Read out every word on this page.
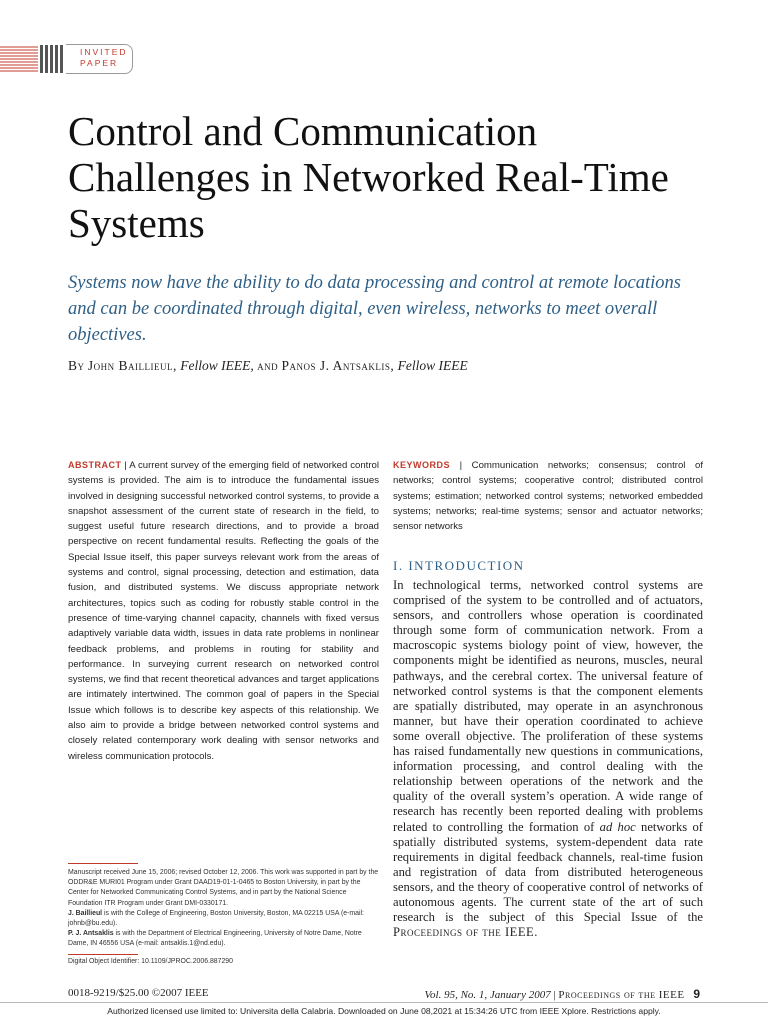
INVITED
PAPER
Control and Communication Challenges in Networked Real-Time Systems
Systems now have the ability to do data processing and control at remote locations and can be coordinated through digital, even wireless, networks to meet overall objectives.
By John Baillieul, Fellow IEEE, and Panos J. Antsaklis, Fellow IEEE
ABSTRACT | A current survey of the emerging field of networked control systems is provided. The aim is to introduce the fundamental issues involved in designing successful networked control systems, to provide a snapshot assessment of the current state of research in the field, to suggest useful future research directions, and to provide a broad perspective on recent fundamental results. Reflecting the goals of the Special Issue itself, this paper surveys relevant work from the areas of systems and control, signal processing, detection and estimation, data fusion, and distributed systems. We discuss appropriate network architectures, topics such as coding for robustly stable control in the presence of time-varying channel capacity, channels with fixed versus adaptively variable data width, issues in data rate problems in nonlinear feedback problems, and problems in routing for stability and performance. In surveying current research on networked control systems, we find that recent theoretical advances and target applications are intimately intertwined. The common goal of papers in the Special Issue which follows is to describe key aspects of this relationship. We also aim to provide a bridge between networked control systems and closely related contemporary work dealing with sensor networks and wireless communication protocols.
KEYWORDS | Communication networks; consensus; control of networks; control systems; cooperative control; distributed control systems; estimation; networked control systems; networked embedded systems; networks; real-time systems; sensor and actuator networks; sensor networks
I. INTRODUCTION
In technological terms, networked control systems are comprised of the system to be controlled and of actuators, sensors, and controllers whose operation is coordinated through some form of communication network. From a macroscopic systems biology point of view, however, the components might be identified as neurons, muscles, neural pathways, and the cerebral cortex. The universal feature of networked control systems is that the component elements are spatially distributed, may operate in an asynchronous manner, but have their operation coordinated to achieve some overall objective. The proliferation of these systems has raised fundamentally new questions in communications, information processing, and control dealing with the relationship between operations of the network and the quality of the overall system’s operation. A wide range of research has recently been reported dealing with problems related to controlling the formation of ad hoc networks of spatially distributed systems, system-dependent data rate requirements in digital feedback channels, real-time fusion and registration of data from distributed heterogeneous sensors, and the theory of cooperative control of networks of autonomous agents. The current state of the art of such research is the subject of this Special Issue of the Proceedings of the IEEE.

Manuscript received June 15, 2006; revised October 12, 2006. This work was supported in part by the ODDR&E MURI01 Program under Grant DAAD19-01-1-0465 to Boston University, in part by the Center for Networked Communicating Control Systems, and in part by the National Science Foundation ITR Program under Grant DMI-0330171.

J. Baillieul is with the College of Engineering, Boston University, Boston, MA 02215 USA (e-mail: johnb@bu.edu).

P. J. Antsaklis is with the Department of Electrical Engineering, University of Notre Dame, Notre Dame, IN 46556 USA (e-mail: antsaklis.1@nd.edu).

Digital Object Identifier: 10.1109/JPROC.2006.887290
0018-9219/$25.00 ©2007 IEEE	Vol. 95, No. 1, January 2007 | Proceedings of the IEEE 9
Authorized licensed use limited to: Universita della Calabria. Downloaded on June 08,2021 at 15:34:26 UTC from IEEE Xplore. Restrictions apply.
